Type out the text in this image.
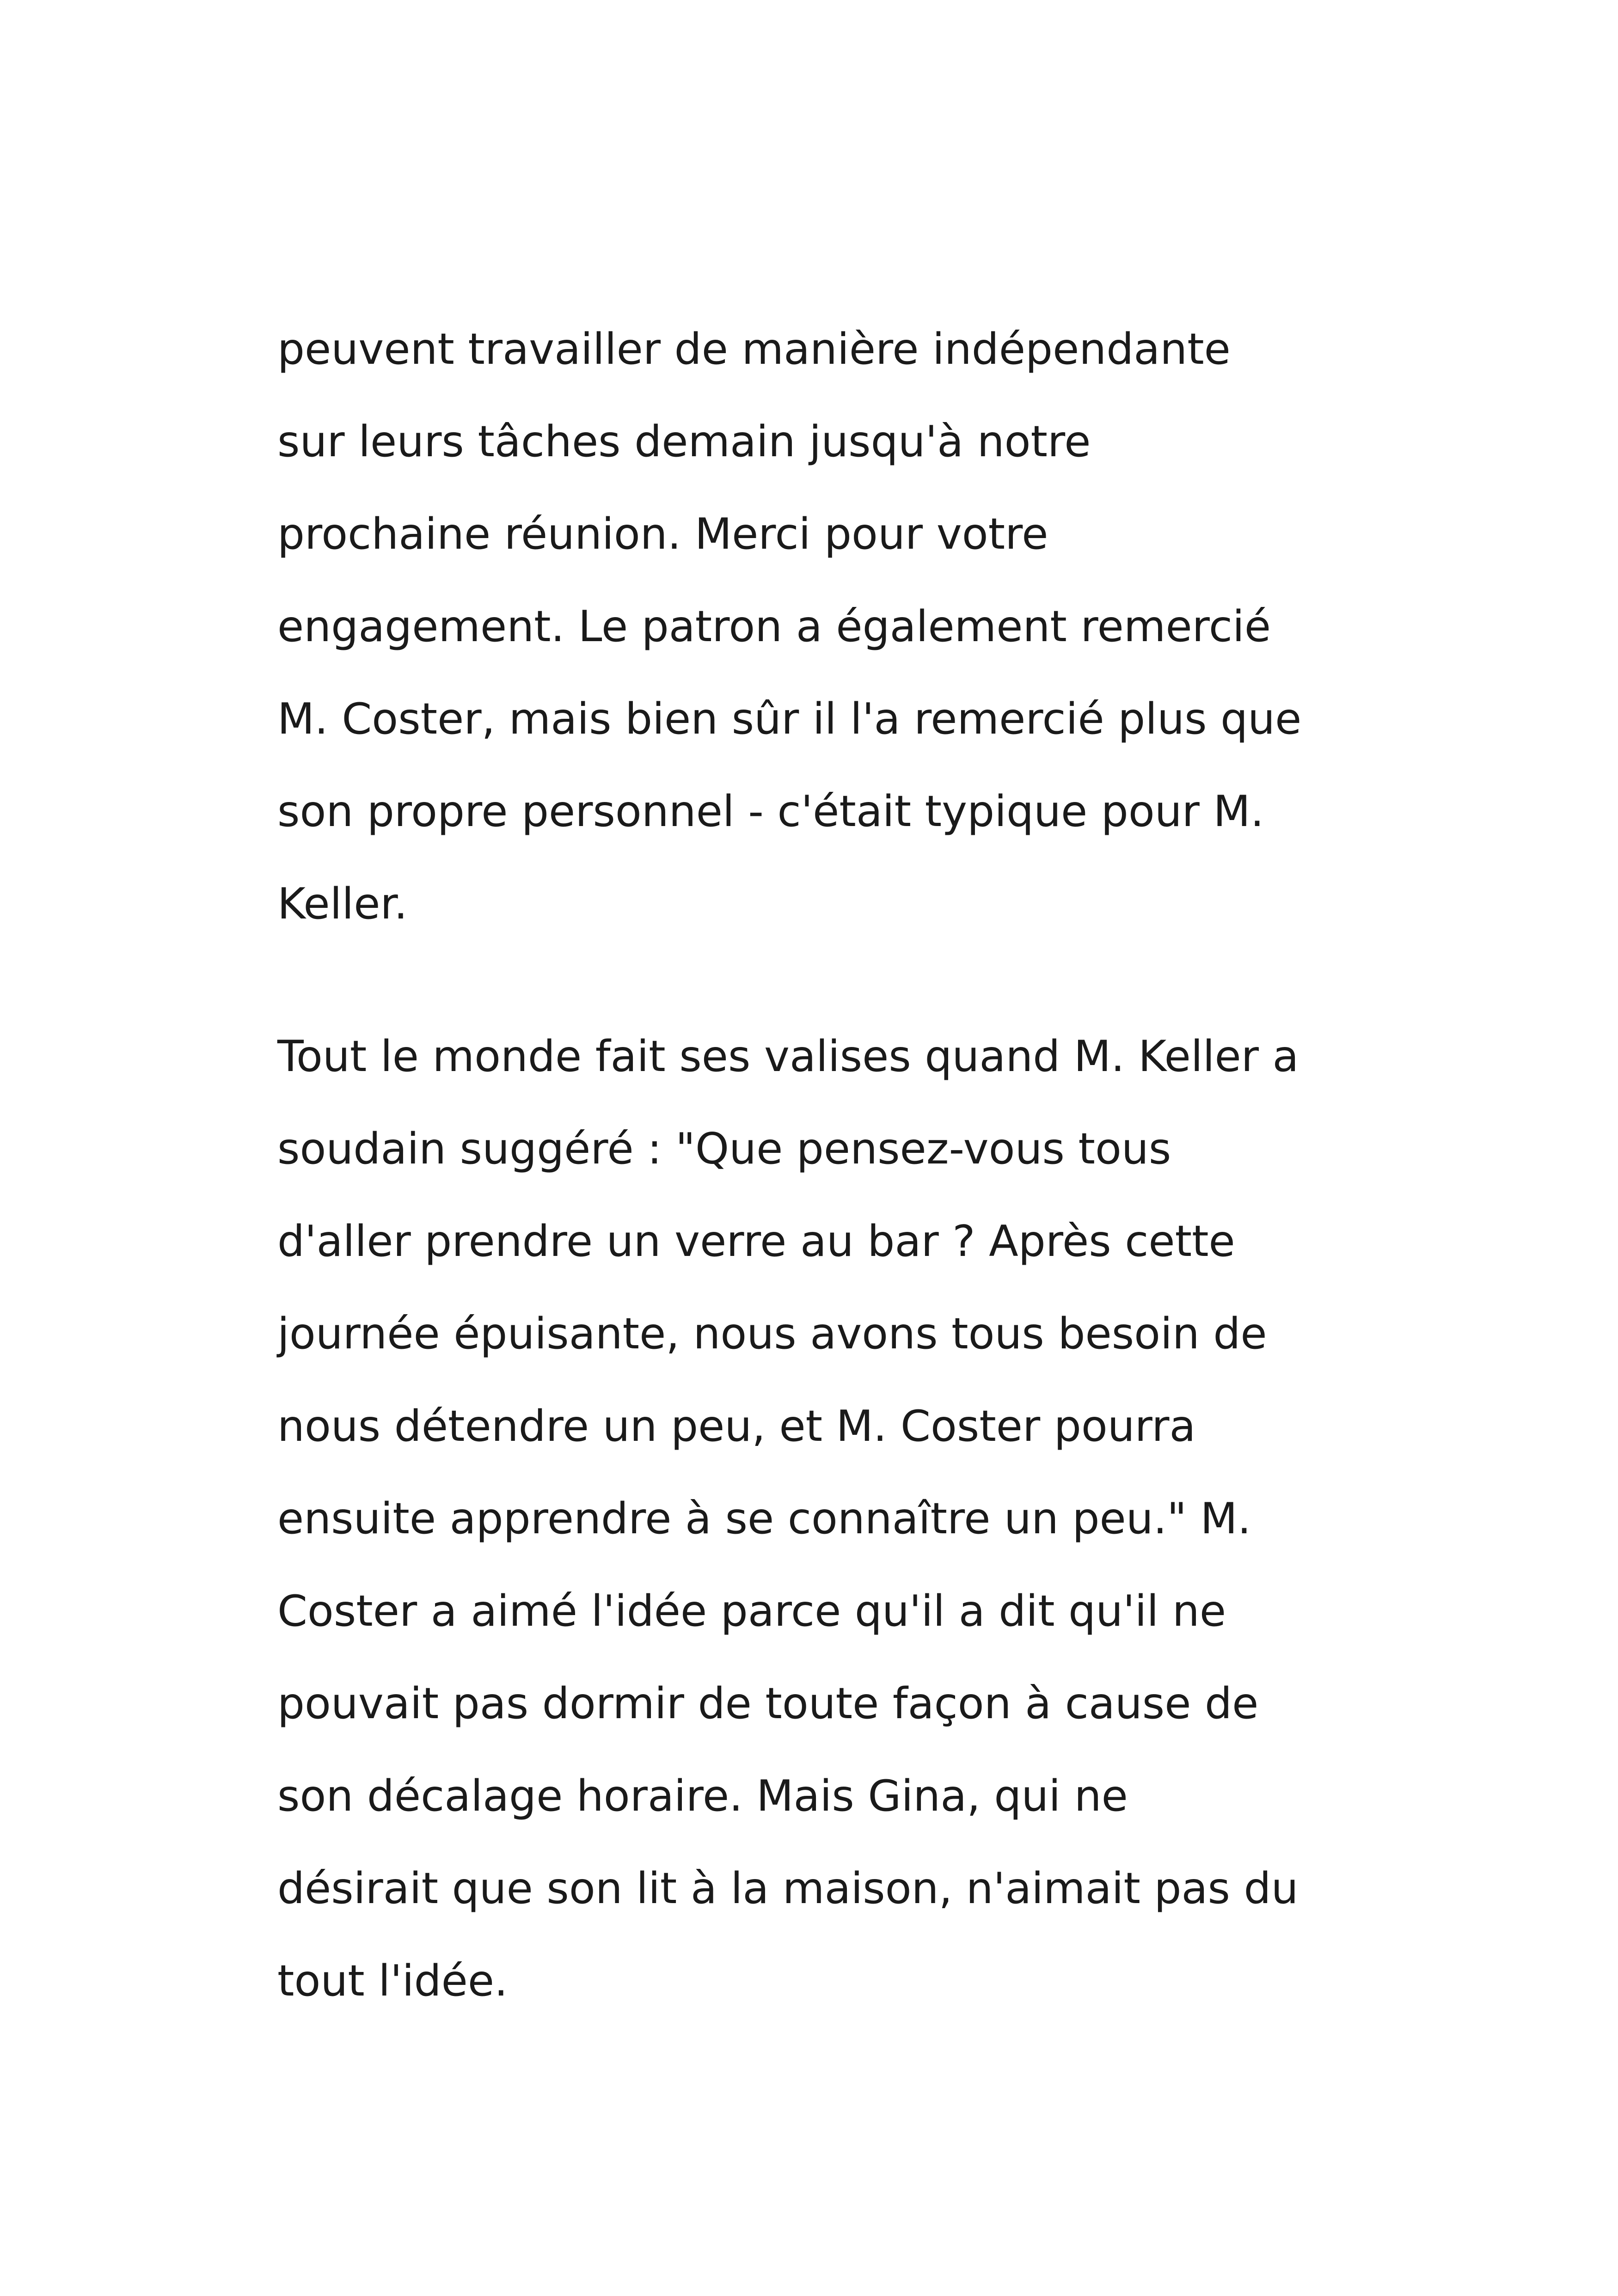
peuvent travailler de manière indépendante
sur leurs tâches demain jusqu'à notre
prochaine réunion. Merci pour votre
engagement. Le patron a également remercié
M. Coster, mais bien sûr il l'a remercié plus que
son propre personnel - c'était typique pour M.
Keller.
Tout le monde fait ses valises quand M. Keller a
soudain suggéré : "Que pensez-vous tous
d'aller prendre un verre au bar ? Après cette
journée épuisante, nous avons tous besoin de
nous détendre un peu, et M. Coster pourra
ensuite apprendre à se connaître un peu." M.
Coster a aimé l'idée parce qu'il a dit qu'il ne
pouvait pas dormir de toute façon à cause de
son décalage horaire. Mais Gina, qui ne
désirait que son lit à la maison, n'aimait pas du
tout l'idée.
